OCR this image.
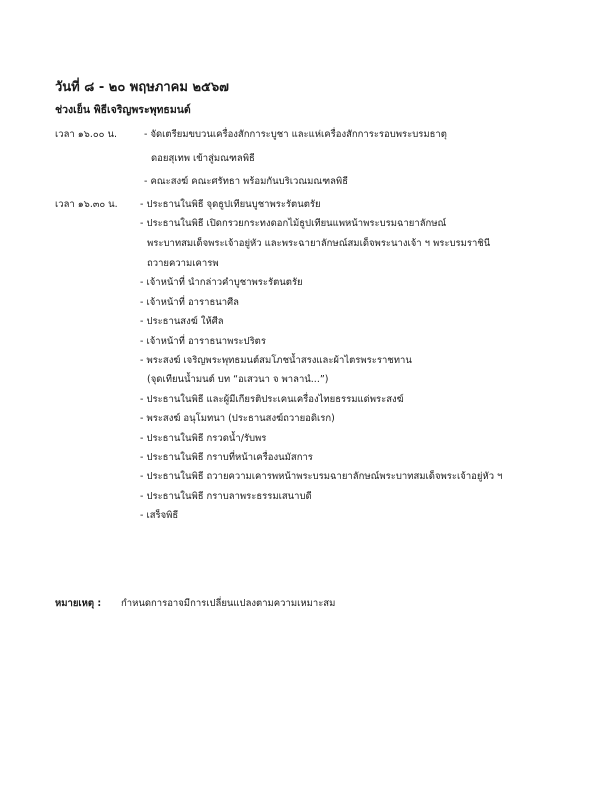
วันที่ ๘ - ๒๐ พฤษภาคม ๒๕๖๗
ช่วงเย็น พิธีเจริญพระพุทธมนต์
เวลา ๑๖.๐๐ น.	- จัดเตรียมขบวนเครื่องสักการะบูชา และแห่เครื่องสักการะรอบพระบรมธาตุ
ดอยสุเทพ เข้าสู่มณฑลพิธี
- คณะสงฆ์ คณะศรัทธา พร้อมกันบริเวณมณฑลพิธี
เวลา ๑๖.๓๐ น. - ประธานในพิธี จุดธูปเทียนบูชาพระรัตนตรัย
- ประธานในพิธี เปิดกรวยกระทงดอกไม้ธูปเทียนแพหน้าพระบรมฉายาลักษณ์
พระบาทสมเด็จพระเจ้าอยู่หัว และพระฉายาลักษณ์สมเด็จพระนางเจ้า ฯ พระบรมราชินี
ถวายความเคารพ
- เจ้าหน้าที่ นำกล่าวคำบูชาพระรัตนตรัย
- เจ้าหน้าที่ อาราธนาศีล
- ประธานสงฆ์ ให้ศีล
- เจ้าหน้าที่ อาราธนาพระปริตร
- พระสงฆ์ เจริญพระพุทธมนต์สมโภชน้ำสรงและผ้าไตรพระราชทาน
(จุดเทียนน้ำมนต์ บท “อเสวนา จ พาลานํ...”)
- ประธานในพิธี และผู้มีเกียรติประเคนเครื่องไทยธรรมแด่พระสงฆ์
- พระสงฆ์ อนุโมทนา (ประธานสงฆ์ถวายอดิเรก)
- ประธานในพิธี กรวดน้ำ/รับพร
- ประธานในพิธี กราบที่หน้าเครื่องนมัสการ
- ประธานในพิธี ถวายความเคารพหน้าพระบรมฉายาลักษณ์พระบาทสมเด็จพระเจ้าอยู่หัว ฯ
- ประธานในพิธี กราบลาพระธรรมเสนาบดี
- เสร็จพิธี
หมายเหตุ : กำหนดการอาจมีการเปลี่ยนแปลงตามความเหมาะสม
